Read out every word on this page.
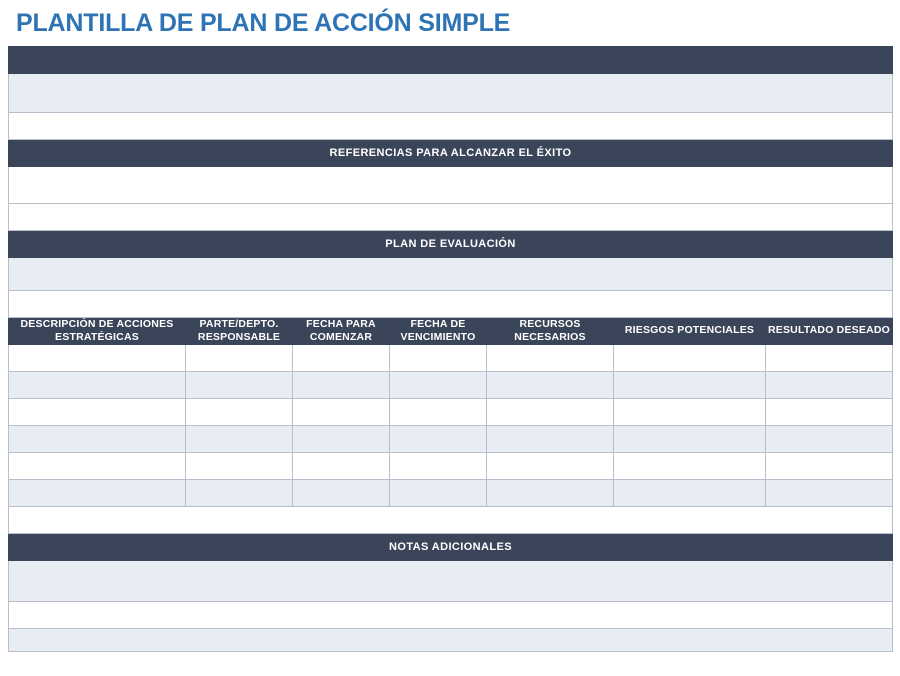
PLANTILLA DE PLAN DE ACCIÓN SIMPLE

REFERENCIAS PARA ALCANZAR EL ÉXITO						

PLAN DE EVALUACIÓN						

DESCRIPCIÓN DE ACCIONES ESTRATÉGICAS	PARTE/DEPTO. RESPONSABLE	FECHA PARA COMENZAR	FECHA DE VENCIMIENTO	RECURSOS NECESARIOS	RIESGOS POTENCIALES	RESULTADO DESEADO

NOTAS ADICIONALES						
